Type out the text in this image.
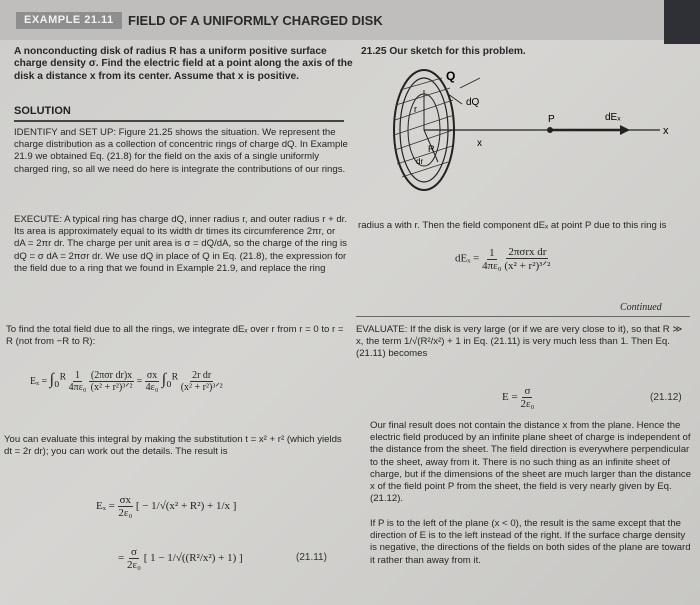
EXAMPLE 21.11	FIELD OF A UNIFORMLY CHARGED DISK
A nonconducting disk of radius R has a uniform positive surface charge density σ. Find the electric field at a point along the axis of the disk a distance x from its center. Assume that x is positive.
21.25 Our sketch for this problem.
Q
dQ
P	dEₓ
x
x
r
R
dr
SOLUTION
IDENTIFY and SET UP: Figure 21.25 shows the situation. We represent the charge distribution as a collection of concentric rings of charge dQ. In Example 21.9 we obtained Eq. (21.8) for the field on the axis of a single uniformly charged ring, so all we need do here is integrate the contributions of our rings.
EXECUTE: A typical ring has charge dQ, inner radius r, and outer radius r + dr. Its area is approximately equal to its width dr times its circumference 2πr, or dA = 2πr dr. The charge per unit area is σ = dQ/dA, so the charge of the ring is dQ = σ dA = 2πσr dr. We use dQ in place of Q in Eq. (21.8), the expression for the field due to a ring that we found in Example 21.9, and replace the ring
radius a with r. Then the field component dEₓ at point P due to this ring is
$dE_x = \frac{1}{\text{4πε₀}}$
$\frac{\text{2πσrx dr}}{\text{(x² + r²)³ᐟ²}}$
Continued
To find the total field due to all the rings, we integrate dEₓ over r from r = 0 to r = R (not from −R to R):
Eₓ = ∫₀ᴿ $\frac{1}{\text{4πε₀}}$
$\frac{\text{(2πσr dr)x}}{\text{(x² + r²)³ᐟ²}} = \frac{\sigma x}{\text{4ε₀}}$ ∫₀ᴿ $\frac{\text{2r dr}}{\text{(x² + r²)³ᐟ²}}$
You can evaluate this integral by making the substitution t = x² + r² (which yields dt = 2r dr); you can work out the details. The result is
$E_x = \frac{\sigma x}{\text{2ε₀}}$ [ − 1/√(x² + R²) + 1/x ]
= $\frac{\sigma}{\text{2ε₀}}$ [ 1 − 1/√((R²/x²) + 1) ]	(21.11)
EVALUATE: If the disk is very large (or if we are very close to it), so that R ≫ x, the term 1/√(R²/x²) + 1 in Eq. (21.11) is very much less than 1. Then Eq. (21.11) becomes
$E = \frac{\sigma}{\text{2ε₀}}$	(21.12)
Our final result does not contain the distance x from the plane. Hence the electric field produced by an infinite plane sheet of charge is independent of the distance from the sheet. The field direction is everywhere perpendicular to the sheet, away from it. There is no such thing as an infinite sheet of charge, but if the dimensions of the sheet are much larger than the distance x of the field point P from the sheet, the field is very nearly given by Eq. (21.12).
If P is to the left of the plane (x < 0), the result is the same except that the direction of E is to the left instead of the right. If the surface charge density is negative, the directions of the fields on both sides of the plane are toward it rather than away from it.
